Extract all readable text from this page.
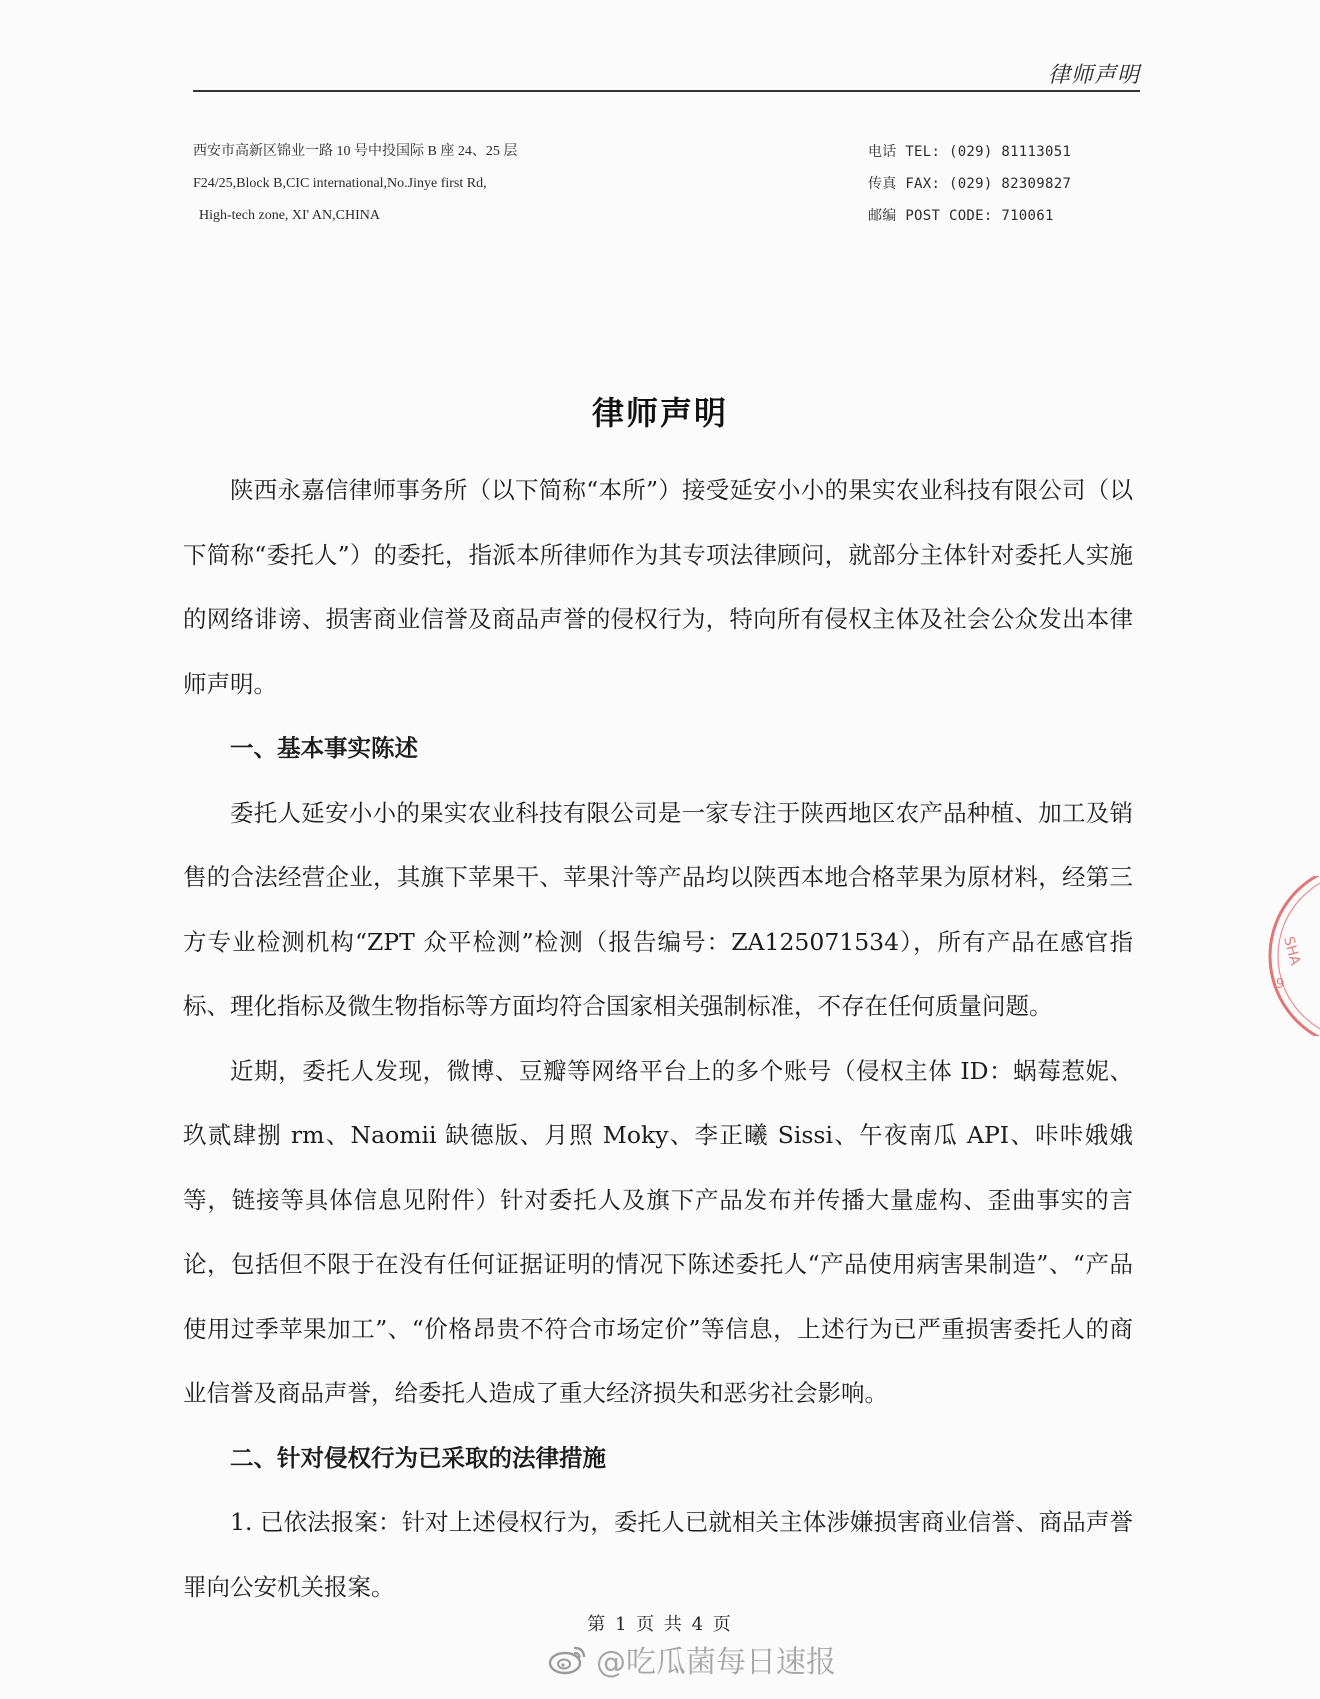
律师声明
西安市高新区锦业一路 10 号中投国际 B 座 24、25 层
F24/25,Block B,CIC international,No.Jinye first Rd,
High-tech zone, XI' AN,CHINA
电话 TEL: (029) 81113051
传真 FAX: (029) 82309827
邮编 POST CODE: 710061
律师声明

陕西永嘉信律师事务所（以下简称“本所”）接受延安小小的果实农业科技有限公司（以下简称“委托人”）的委托，指派本所律师作为其专项法律顾问，就部分主体针对委托人实施的网络诽谤、损害商业信誉及商品声誉的侵权行为，特向所有侵权主体及社会公众发出本律师声明。

一、基本事实陈述

委托人延安小小的果实农业科技有限公司是一家专注于陕西地区农产品种植、加工及销售的合法经营企业，其旗下苹果干、苹果汁等产品均以陕西本地合格苹果为原材料，经第三方专业检测机构“ZPT 众平检测”检测（报告编号：ZA125071534），所有产品在感官指标、理化指标及微生物指标等方面均符合国家相关强制标准，不存在任何质量问题。

近期，委托人发现，微博、豆瓣等网络平台上的多个账号（侵权主体 ID：蜗莓惹妮、玖贰肆捌 rm、Naomii 缺德版、月照 Moky、李正曦 Sissi、午夜南瓜 API、咔咔娥娥等，链接等具体信息见附件）针对委托人及旗下产品发布并传播大量虚构、歪曲事实的言论，包括但不限于在没有任何证据证明的情况下陈述委托人“产品使用病害果制造”、“产品使用过季苹果加工”、“价格昂贵不符合市场定价”等信息，上述行为已严重损害委托人的商业信誉及商品声誉，给委托人造成了重大经济损失和恶劣社会影响。

二、针对侵权行为已采取的法律措施

1. 已依法报案：针对上述侵权行为，委托人已就相关主体涉嫌损害商业信誉、商品声誉罪向公安机关报案。

第 1 页 共 4 页
@吃瓜菌每日速报
SHA
9
